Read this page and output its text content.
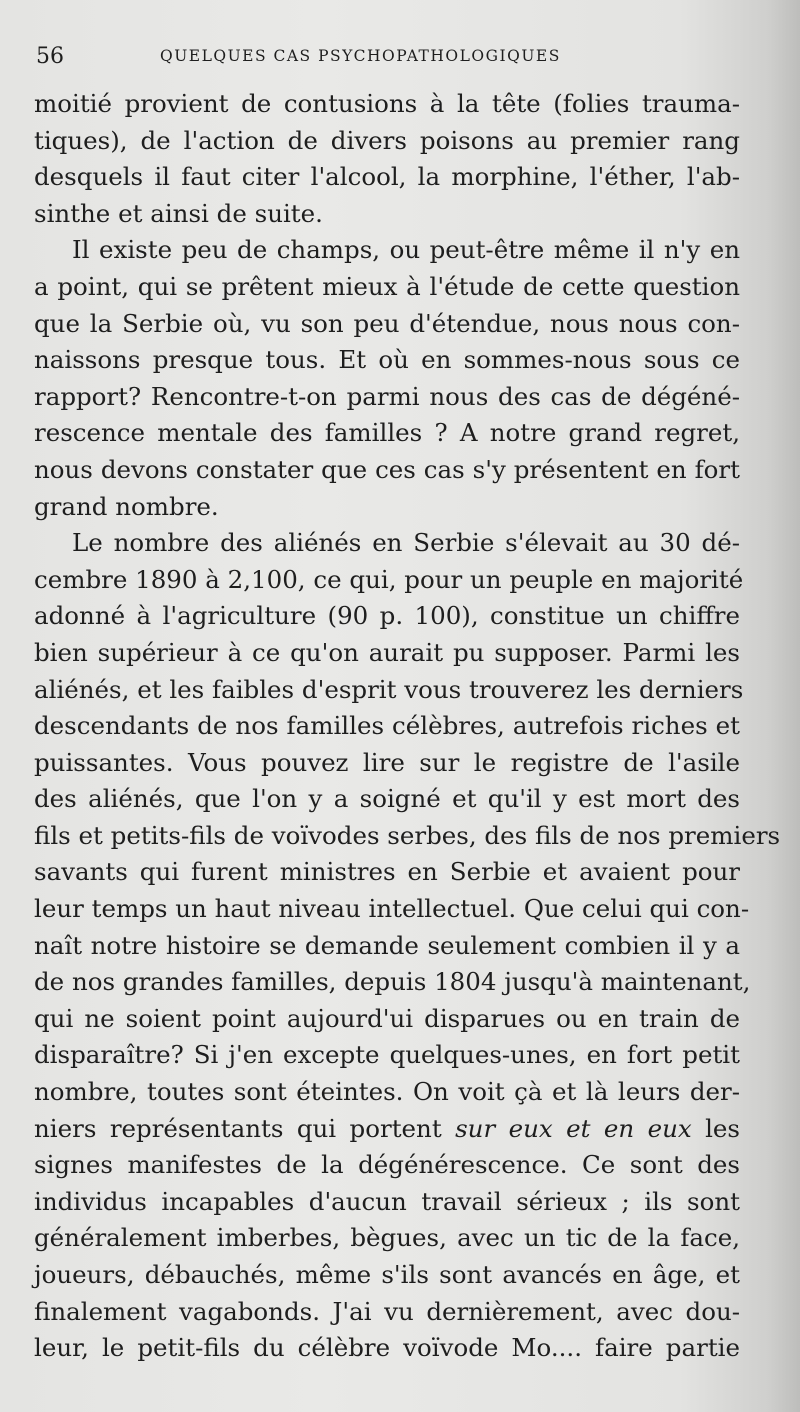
56	QUELQUES CAS PSYCHOPATHOLOGIQUES
moitié provient de contusions à la tête (folies trauma-
tiques), de l'action de divers poisons au premier rang
desquels il faut citer l'alcool, la morphine, l'éther, l'ab-
sinthe et ainsi de suite.
Il existe peu de champs, ou peut-être même il n'y en
a point, qui se prêtent mieux à l'étude de cette question
que la Serbie où, vu son peu d'étendue, nous nous con-
naissons presque tous. Et où en sommes-nous sous ce
rapport? Rencontre-t-on parmi nous des cas de dégéné-
rescence mentale des familles ? A notre grand regret,
nous devons constater que ces cas s'y présentent en fort
grand nombre.
Le nombre des aliénés en Serbie s'élevait au 30 dé-
cembre 1890 à 2,100, ce qui, pour un peuple en majorité
adonné à l'agriculture (90 p. 100), constitue un chiffre
bien supérieur à ce qu'on aurait pu supposer. Parmi les
aliénés, et les faibles d'esprit vous trouverez les derniers
descendants de nos familles célèbres, autrefois riches et
puissantes. Vous pouvez lire sur le registre de l'asile
des aliénés, que l'on y a soigné et qu'il y est mort des
fils et petits-fils de voïvodes serbes, des fils de nos premiers
savants qui furent ministres en Serbie et avaient pour
leur temps un haut niveau intellectuel. Que celui qui con-
naît notre histoire se demande seulement combien il y a
de nos grandes familles, depuis 1804 jusqu'à maintenant,
qui ne soient point aujourd'ui disparues ou en train de
disparaître? Si j'en excepte quelques-unes, en fort petit
nombre, toutes sont éteintes. On voit çà et là leurs der-
niers représentants qui portent sur eux et en eux les
signes manifestes de la dégénérescence. Ce sont des
individus incapables d'aucun travail sérieux ; ils sont
généralement imberbes, bègues, avec un tic de la face,
joueurs, débauchés, même s'ils sont avancés en âge, et
finalement vagabonds. J'ai vu dernièrement, avec dou-
leur, le petit-fils du célèbre voïvode Mo.... faire partie
